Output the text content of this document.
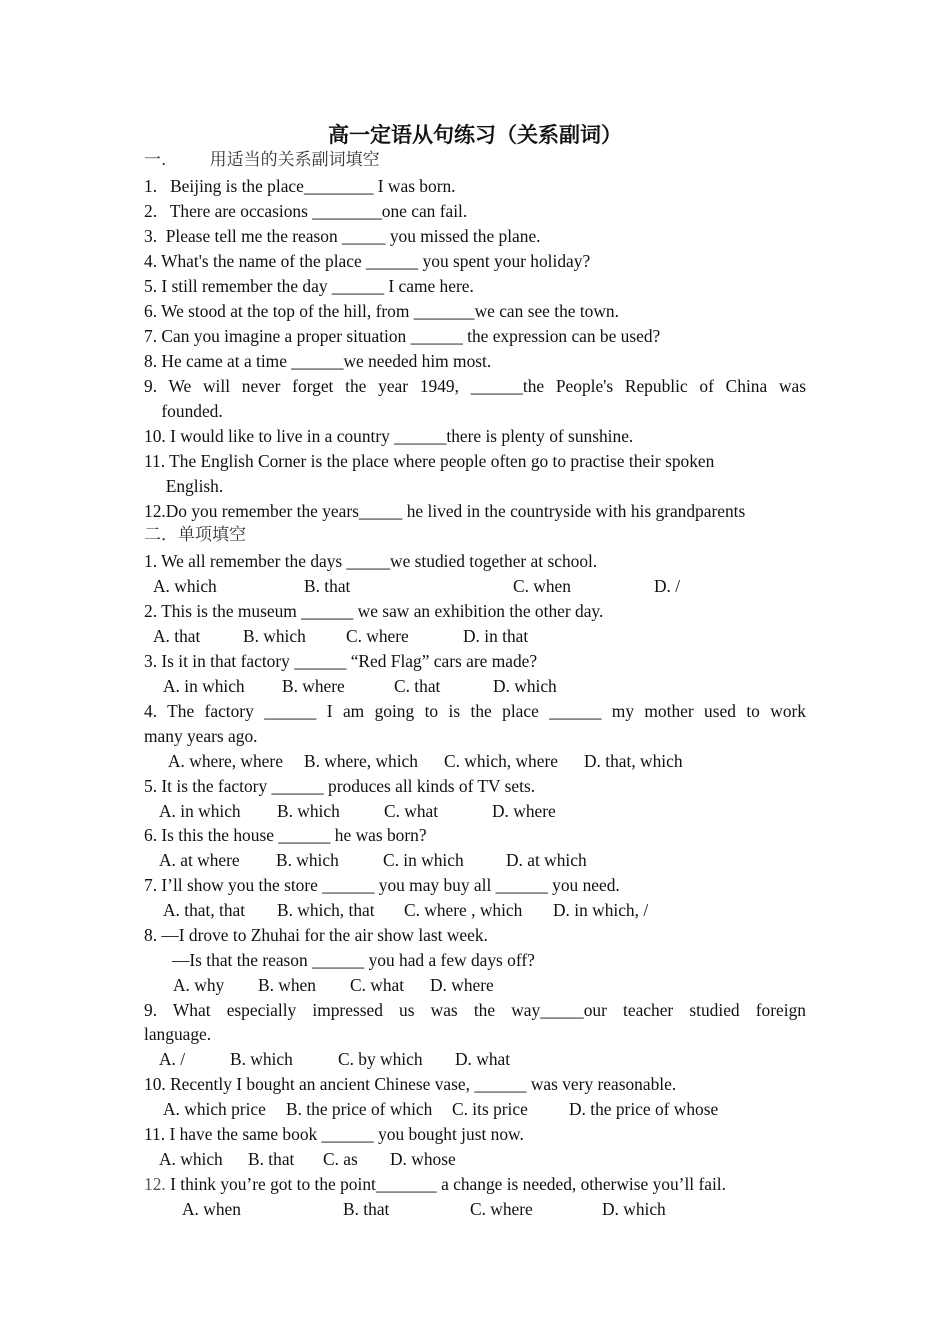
高一定语从句练习（关系副词）
一.        用适当的关系副词填空
1.   Beijing is the place________ I was born.
2.   There are occasions ________one can fail.
3.  Please tell me the reason _____ you missed the plane.
4. What's the name of the place ______ you spent your holiday?
5. I still remember the day ______ I came here.
6. We stood at the top of the hill, from _______we can see the town.
7. Can you imagine a proper situation ______ the expression can be used?
8. He came at a time ______we needed him most.
9. We will never forget the year 1949, ______the People's Republic of China was
founded.
10. I would like to live in a country ______there is plenty of sunshine.
11. The English Corner is the place where people often go to practise their spoken
English.
12.Do you remember the years_____ he lived in the countryside with his grandparents
二．单项填空
1. We all remember the days _____we studied together at school.
A. which	B. that	C. when	D. /
2. This is the museum ______ we saw an exhibition the other day.
A. that B. which C. where	D. in that
3. Is it in that factory ______ “Red Flag” cars are made?
A. in which B. where	C. that	D. which
4. The factory ______ I am going to is the place ______ my mother used to work
many years ago.
A. where, where B. where, which C. which, where D. that, which
5. It is the factory ______ produces all kinds of TV sets.
A. in which B. which	C. what	D. where
6. Is this the house ______ he was born?
A. at where B. which	C. in which D. at which
7. I’ll show you the store ______ you may buy all ______ you need.
A. that, that B. which, that C. where , which D. in which, /
8. —I drove to Zhuhai for the air show last week.
—Is that the reason ______ you had a few days off?
A. why B. when C. what D. where
9. What especially impressed us was the way_____our teacher studied foreign
language.
A. /	B. which	C. by which D. what
10. Recently I bought an ancient Chinese vase, ______ was very reasonable.
A. which price B. the price of which C. its price D. the price of whose
11. I have the same book ______ you bought just now.
A. which B. that C. as D. whose
12. I think you’re got to the point_______ a change is needed, otherwise you’ll fail.
A. when	B. that	C. where	D. which
